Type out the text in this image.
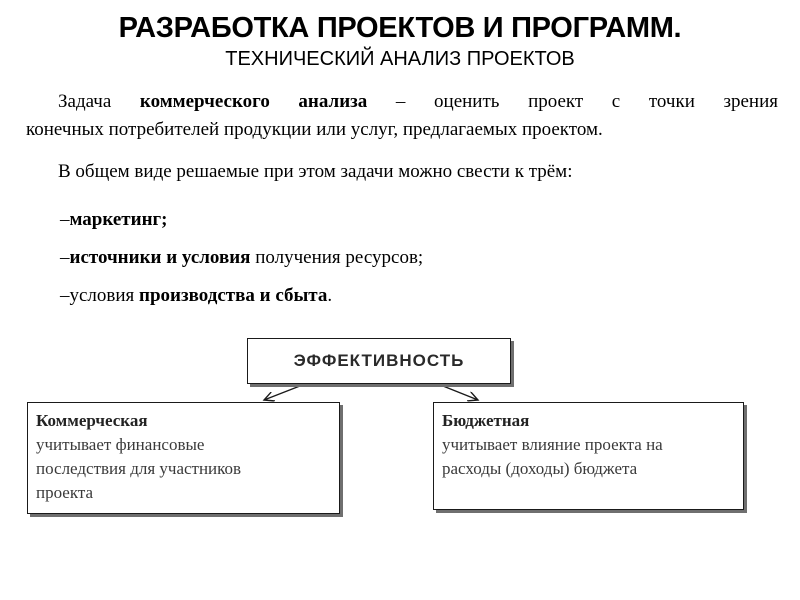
РАЗРАБОТКА ПРОЕКТОВ И ПРОГРАММ.
ТЕХНИЧЕСКИЙ АНАЛИЗ ПРОЕКТОВ
Задача коммерческого анализа – оценить проект с точки зрения
конечных потребителей продукции или услуг, предлагаемых проектом.
В общем виде решаемые при этом задачи можно свести к трём:
–маркетинг;
–источники и условия получения ресурсов;
–условия производства и сбыта.
ЭФФЕКТИВНОСТЬ
Коммерческая
учитывает финансовые
последствия для участников
проекта
Бюджетная
учитывает влияние проекта на
расходы (доходы) бюджета
